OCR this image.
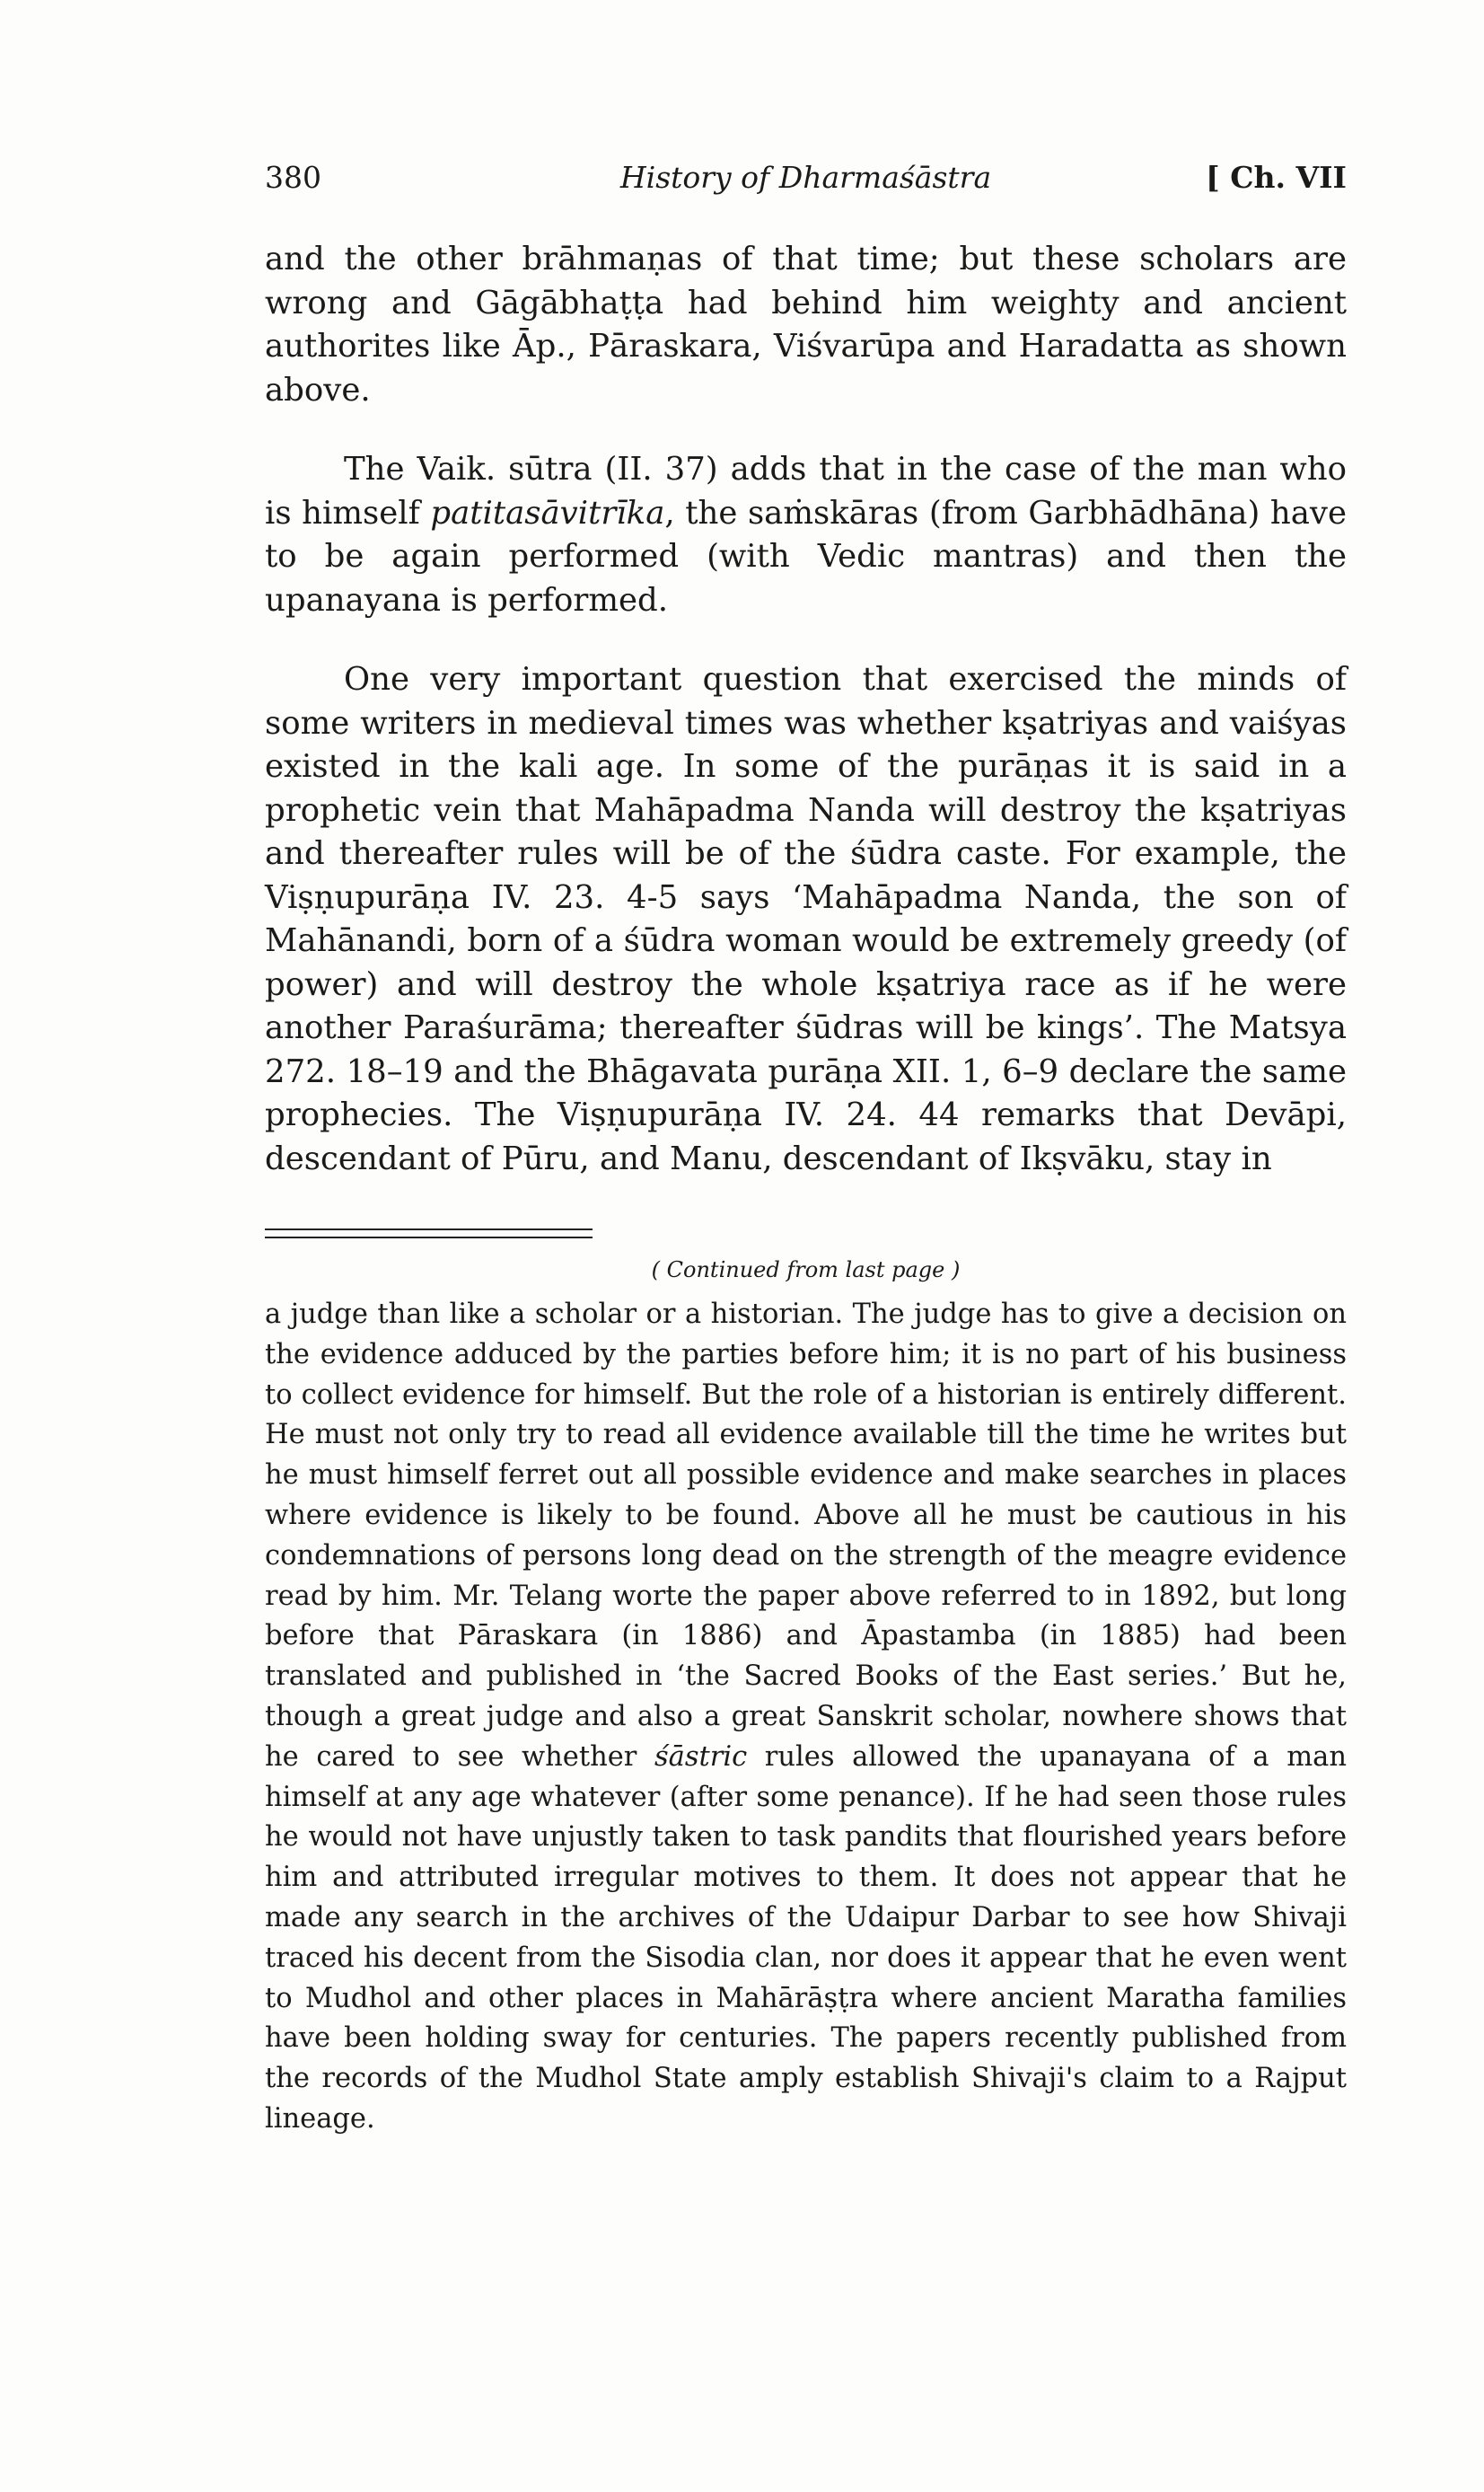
380	History of Dharmaśāstra	[ Ch. VII

and the other brāhmaṇas of that time; but these scholars are wrong and Gāgābhaṭṭa had behind him weighty and ancient authorites like Āp., Pāraskara, Viśvarūpa and Haradatta as shown above.

The Vaik. sūtra (II. 37) adds that in the case of the man who is himself patitasāvitrīka, the saṁskāras (from Garbhādhāna) have to be again performed (with Vedic mantras) and then the upanayana is performed.

One very important question that exercised the minds of some writers in medieval times was whether kṣatriyas and vaiśyas existed in the kali age. In some of the purāṇas it is said in a prophetic vein that Mahāpadma Nanda will destroy the kṣatriyas and thereafter rules will be of the śūdra caste. For example, the Viṣṇupurāṇa IV. 23. 4-5 says ‘Mahāpadma Nanda, the son of Mahānandi, born of a śūdra woman would be extremely greedy (of power) and will destroy the whole kṣatriya race as if he were another Paraśurāma; thereafter śūdras will be kings’. The Matsya 272. 18–19 and the Bhāgavata purāṇa XII. 1, 6–9 declare the same prophecies. The Viṣṇupurāṇa IV. 24. 44 remarks that Devāpi, descendant of Pūru, and Manu, descendant of Ikṣvāku, stay in

( Continued from last page )

a judge than like a scholar or a historian. The judge has to give a decision on the evidence adduced by the parties before him; it is no part of his business to collect evidence for himself. But the role of a historian is entirely different. He must not only try to read all evidence available till the time he writes but he must himself ferret out all possible evidence and make searches in places where evidence is likely to be found. Above all he must be cautious in his condemnations of persons long dead on the strength of the meagre evidence read by him. Mr. Telang worte the paper above referred to in 1892, but long before that Pāraskara (in 1886) and Āpastamba (in 1885) had been translated and published in ‘the Sacred Books of the East series.’ But he, though a great judge and also a great Sanskrit scholar, nowhere shows that he cared to see whether śāstric rules allowed the upanayana of a man himself at any age whatever (after some penance). If he had seen those rules he would not have unjustly taken to task pandits that flourished years before him and attributed irregular motives to them. It does not appear that he made any search in the archives of the Udaipur Darbar to see how Shivaji traced his decent from the Sisodia clan, nor does it appear that he even went to Mudhol and other places in Mahārāṣṭra where ancient Maratha families have been holding sway for centuries. The papers recently published from the records of the Mudhol State amply establish Shivaji's claim to a Rajput lineage.
